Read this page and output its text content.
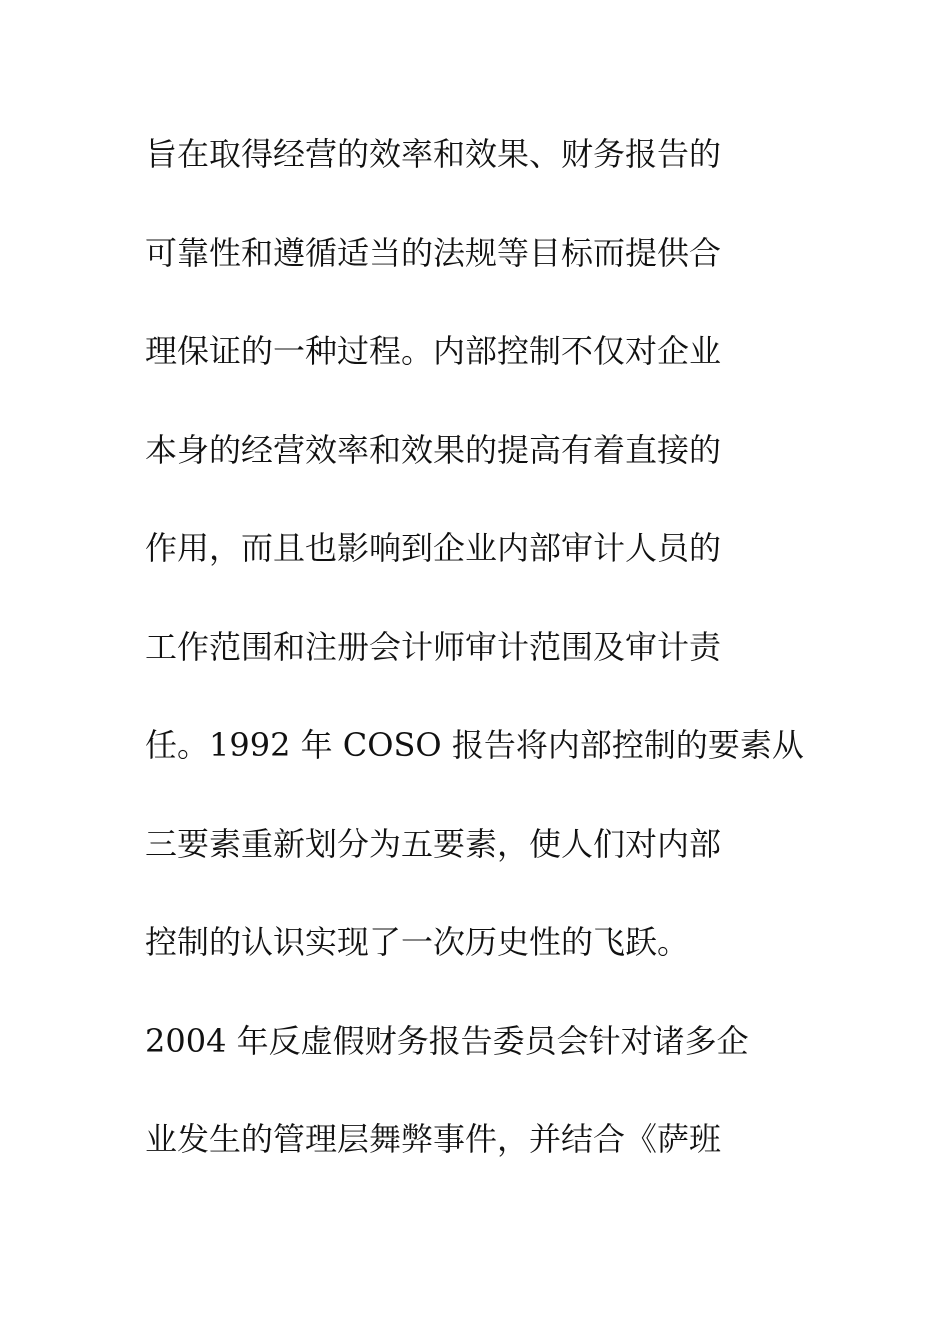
旨在取得经营的效率和效果、财务报告的
可靠性和遵循适当的法规等目标而提供合
理保证的一种过程。内部控制不仅对企业
本身的经营效率和效果的提高有着直接的
作用，而且也影响到企业内部审计人员的
工作范围和注册会计师审计范围及审计责
任。1992 年 COSO 报告将内部控制的要素从
三要素重新划分为五要素，使人们对内部
控制的认识实现了一次历史性的飞跃。
2004 年反虚假财务报告委员会针对诸多企
业发生的管理层舞弊事件，并结合《萨班
